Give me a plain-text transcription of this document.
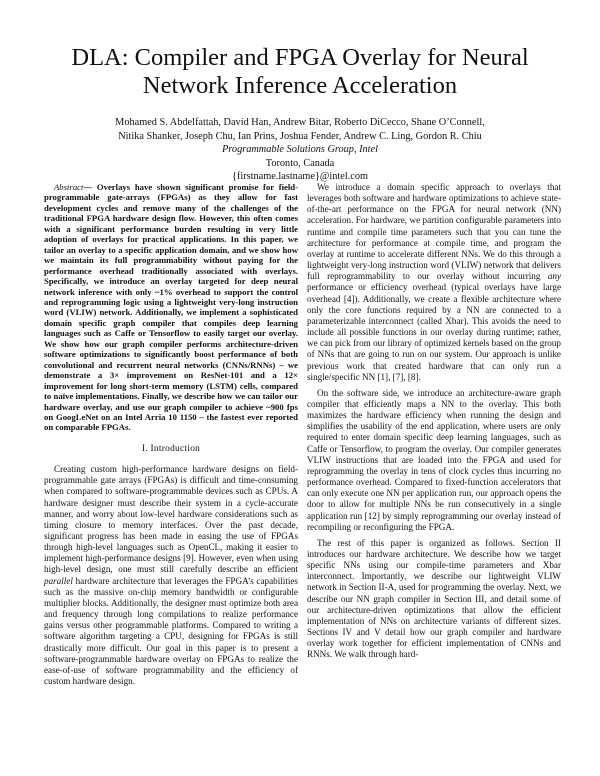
DLA: Compiler and FPGA Overlay for Neural
Network Inference Acceleration
Mohamed S. Abdelfattah, David Han, Andrew Bitar, Roberto DiCecco, Shane O’Connell,
Nitika Shanker, Joseph Chu, Ian Prins, Joshua Fender, Andrew C. Ling, Gordon R. Chiu
Programmable Solutions Group, Intel
Toronto, Canada
{firstname.lastname}@intel.com

Abstract— Overlays have shown significant promise for field-programmable gate-arrays (FPGAs) as they allow for fast development cycles and remove many of the challenges of the traditional FPGA hardware design flow. However, this often comes with a significant performance burden resulting in very little adoption of overlays for practical applications. In this paper, we tailor an overlay to a specific application domain, and we show how we maintain its full programmability without paying for the performance overhead traditionally associated with overlays. Specifically, we introduce an overlay targeted for deep neural network inference with only ~1% overhead to support the control and reprogramming logic using a lightweight very-long instruction word (VLIW) network. Additionally, we implement a sophisticated domain specific graph compiler that compiles deep learning languages such as Caffe or Tensorflow to easily target our overlay. We show how our graph compiler performs architecture-driven software optimizations to significantly boost performance of both convolutional and recurrent neural networks (CNNs/RNNs) – we demonstrate a 3× improvement on ResNet-101 and a 12× improvement for long short-term memory (LSTM) cells, compared to naïve implementations. Finally, we describe how we can tailor our hardware overlay, and use our graph compiler to achieve ~900 fps on GoogLeNet on an Intel Arria 10 1150 – the fastest ever reported on comparable FPGAs.

I. Introduction

Creating custom high-performance hardware designs on field-programmable gate arrays (FPGAs) is difficult and time-consuming when compared to software-programmable devices such as CPUs. A hardware designer must describe their system in a cycle-accurate manner, and worry about low-level hardware considerations such as timing closure to memory interfaces. Over the past decade, significant progress has been made in easing the use of FPGAs through high-level languages such as OpenCL, making it easier to implement high-performance designs [9]. However, even when using high-level design, one must still carefully describe an efficient parallel hardware architecture that leverages the FPGA’s capabilities such as the massive on-chip memory bandwidth or configurable multiplier blocks. Additionally, the designer must optimize both area and frequency through long compilations to realize performance gains versus other programmable platforms. Compared to writing a software algorithm targeting a CPU, designing for FPGAs is still drastically more difficult. Our goal in this paper is to present a software-programmable hardware overlay on FPGAs to realize the ease-of-use of software programmability and the efficiency of custom hardware design.

We introduce a domain specific approach to overlays that leverages both software and hardware optimizations to achieve state-of-the-art performance on the FPGA for neural network (NN) acceleration. For hardware, we partition configurable parameters into runtime and compile time parameters such that you can tune the architecture for performance at compile time, and program the overlay at runtime to accelerate different NNs. We do this through a lightweight very-long instruction word (VLIW) network that delivers full reprogrammability to our overlay without incurring any performance or efficiency overhead (typical overlays have large overhead [4]). Additionally, we create a flexible architecture where only the core functions required by a NN are connected to a parameterizable interconnect (called Xbar). This avoids the need to include all possible functions in our overlay during runtime; rather, we can pick from our library of optimized kernels based on the group of NNs that are going to run on our system. Our approach is unlike previous work that created hardware that can only run a single/specific NN [1], [7], [8].

On the software side, we introduce an architecture-aware graph compiler that efficiently maps a NN to the overlay. This both maximizes the hardware efficiency when running the design and simplifies the usability of the end application, where users are only required to enter domain specific deep learning languages, such as Caffe or Tensorflow, to program the overlay. Our compiler generates VLIW instructions that are loaded into the FPGA and used for reprogramming the overlay in tens of clock cycles thus incurring no performance overhead. Compared to fixed-function accelerators that can only execute one NN per application run, our approach opens the door to allow for multiple NNs be run consecutively in a single application run [12] by simply reprogramming our overlay instead of recompiling or reconfiguring the FPGA.

The rest of this paper is organized as follows. Section II introduces our hardware architecture. We describe how we target specific NNs using our compile-time parameters and Xbar interconnect. Importantly, we describe our lightweight VLIW network in Section II-A, used for programming the overlay. Next, we describe our NN graph compiler in Section III, and detail some of our architecture-driven optimizations that allow the efficient implementation of NNs on architecture variants of different sizes. Sections IV and V detail how our graph compiler and hardware overlay work together for efficient implementation of CNNs and RNNs. We walk through hard-
